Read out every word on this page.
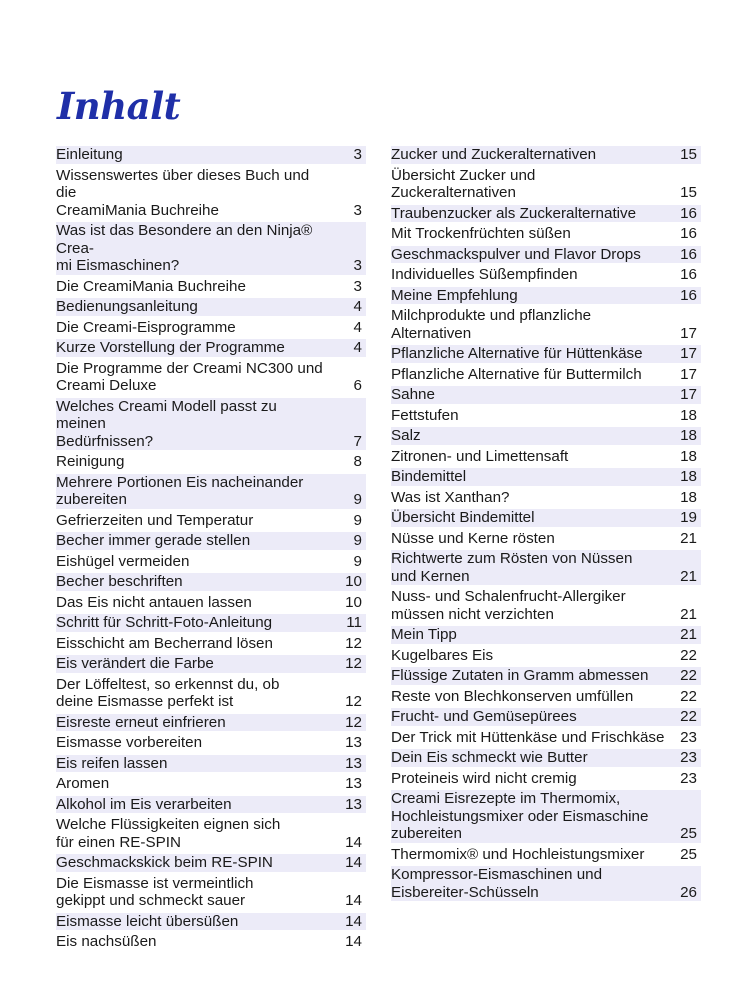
Inhalt
Einleitung	3
Wissenswertes über dieses Buch und die
CreamiMania Buchreihe	3
Was ist das Besondere an den Ninja® Crea-
mi Eismaschinen?	3
Die CreamiMania Buchreihe	3
Bedienungsanleitung	4
Die Creami-Eisprogramme	4
Kurze Vorstellung der Programme	4
Die Programme der Creami NC300 und
Creami Deluxe	6
Welches Creami Modell passt zu meinen
Bedürfnissen?	7
Reinigung	8
Mehrere Portionen Eis nacheinander
zubereiten	9
Gefrierzeiten und Temperatur	9
Becher immer gerade stellen	9
Eishügel vermeiden	9
Becher beschriften	10
Das Eis nicht antauen lassen	10
Schritt für Schritt-Foto-Anleitung	11
Eisschicht am Becherrand lösen	12
Eis verändert die Farbe	12
Der Löffeltest, so erkennst du, ob
deine Eismasse perfekt ist	12
Eisreste erneut einfrieren	12
Eismasse vorbereiten	13
Eis reifen lassen	13
Aromen	13
Alkohol im Eis verarbeiten	13
Welche Flüssigkeiten eignen sich
für einen RE-SPIN	14
Geschmackskick beim RE-SPIN	14
Die Eismasse ist vermeintlich
gekippt und schmeckt sauer	14
Eismasse leicht übersüßen	14
Eis nachsüßen	14
Zucker und Zuckeralternativen	15
Übersicht Zucker und
Zuckeralternativen	15
Traubenzucker als Zuckeralternative	16
Mit Trockenfrüchten süßen	16
Geschmackspulver und Flavor Drops	16
Individuelles Süßempfinden	16
Meine Empfehlung	16
Milchprodukte und pflanzliche
Alternativen	17
Pflanzliche Alternative für Hüttenkäse	17
Pflanzliche Alternative für Buttermilch	17
Sahne	17
Fettstufen	18
Salz	18
Zitronen- und Limettensaft	18
Bindemittel	18
Was ist Xanthan?	18
Übersicht Bindemittel	19
Nüsse und Kerne rösten	21
Richtwerte zum Rösten von Nüssen
und Kernen	21
Nuss- und Schalenfrucht-Allergiker
müssen nicht verzichten	21
Mein Tipp	21
Kugelbares Eis	22
Flüssige Zutaten in Gramm abmessen	22
Reste von Blechkonserven umfüllen	22
Frucht- und Gemüsepürees	22
Der Trick mit Hüttenkäse und Frischkäse	23
Dein Eis schmeckt wie Butter	23
Proteineis wird nicht cremig	23
Creami Eisrezepte im Thermomix,
Hochleistungsmixer oder Eismaschine
zubereiten	25
Thermomix® und Hochleistungsmixer	25
Kompressor-Eismaschinen und
Eisbereiter-Schüsseln	26
